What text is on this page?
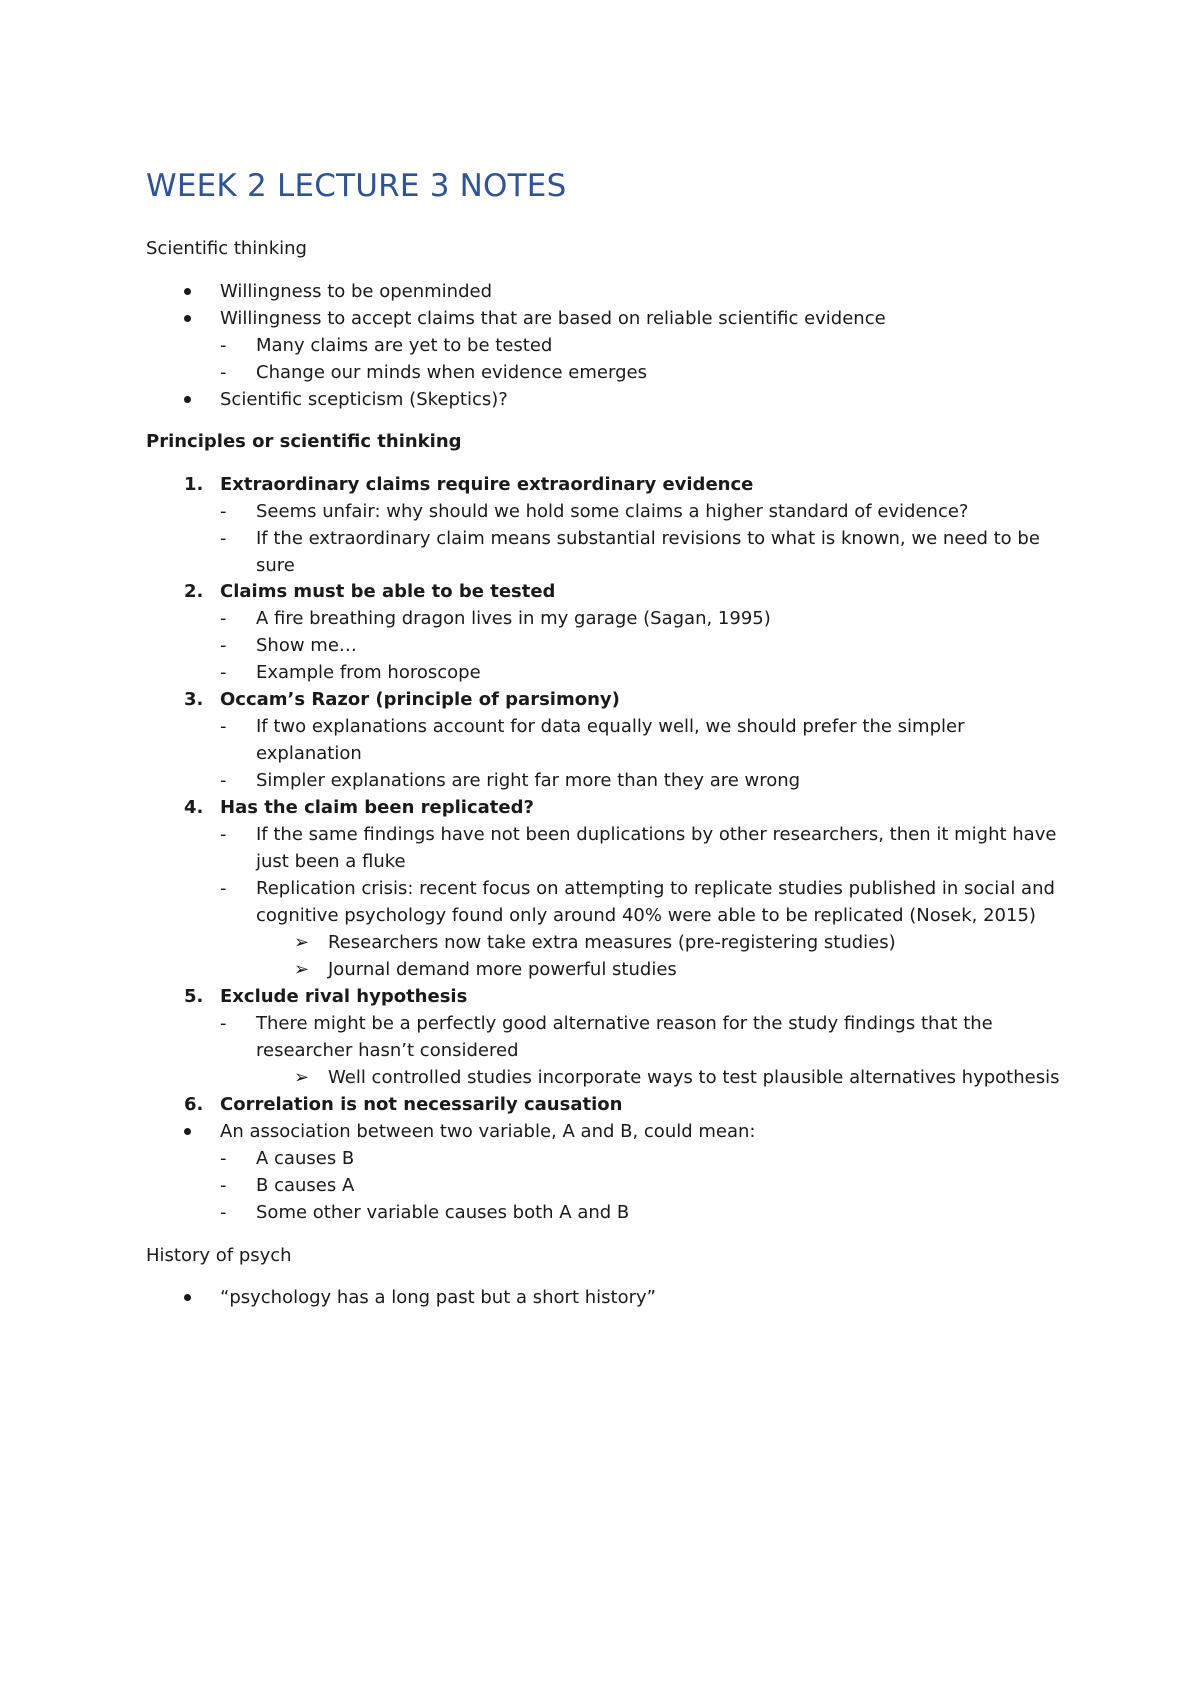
WEEK 2 LECTURE 3 NOTES
Scientific thinking
Willingness to be openminded
Willingness to accept claims that are based on reliable scientific evidence
- Many claims are yet to be tested
- Change our minds when evidence emerges
Scientific scepticism (Skeptics)?
Principles or scientific thinking
1. Extraordinary claims require extraordinary evidence
- Seems unfair: why should we hold some claims a higher standard of evidence?
- If the extraordinary claim means substantial revisions to what is known, we need to be
sure
2. Claims must be able to be tested
- A fire breathing dragon lives in my garage (Sagan, 1995)
- Show me…
- Example from horoscope
3. Occam’s Razor (principle of parsimony)
- If two explanations account for data equally well, we should prefer the simpler
explanation
- Simpler explanations are right far more than they are wrong
4. Has the claim been replicated?
- If the same findings have not been duplications by other researchers, then it might have
just been a fluke
- Replication crisis: recent focus on attempting to replicate studies published in social and
cognitive psychology found only around 40% were able to be replicated (Nosek, 2015)
➢ Researchers now take extra measures (pre-registering studies)
➢ Journal demand more powerful studies
5. Exclude rival hypothesis
- There might be a perfectly good alternative reason for the study findings that the
researcher hasn’t considered
➢ Well controlled studies incorporate ways to test plausible alternatives hypothesis
6. Correlation is not necessarily causation
An association between two variable, A and B, could mean:
- A causes B
- B causes A
- Some other variable causes both A and B
History of psych
“psychology has a long past but a short history”
